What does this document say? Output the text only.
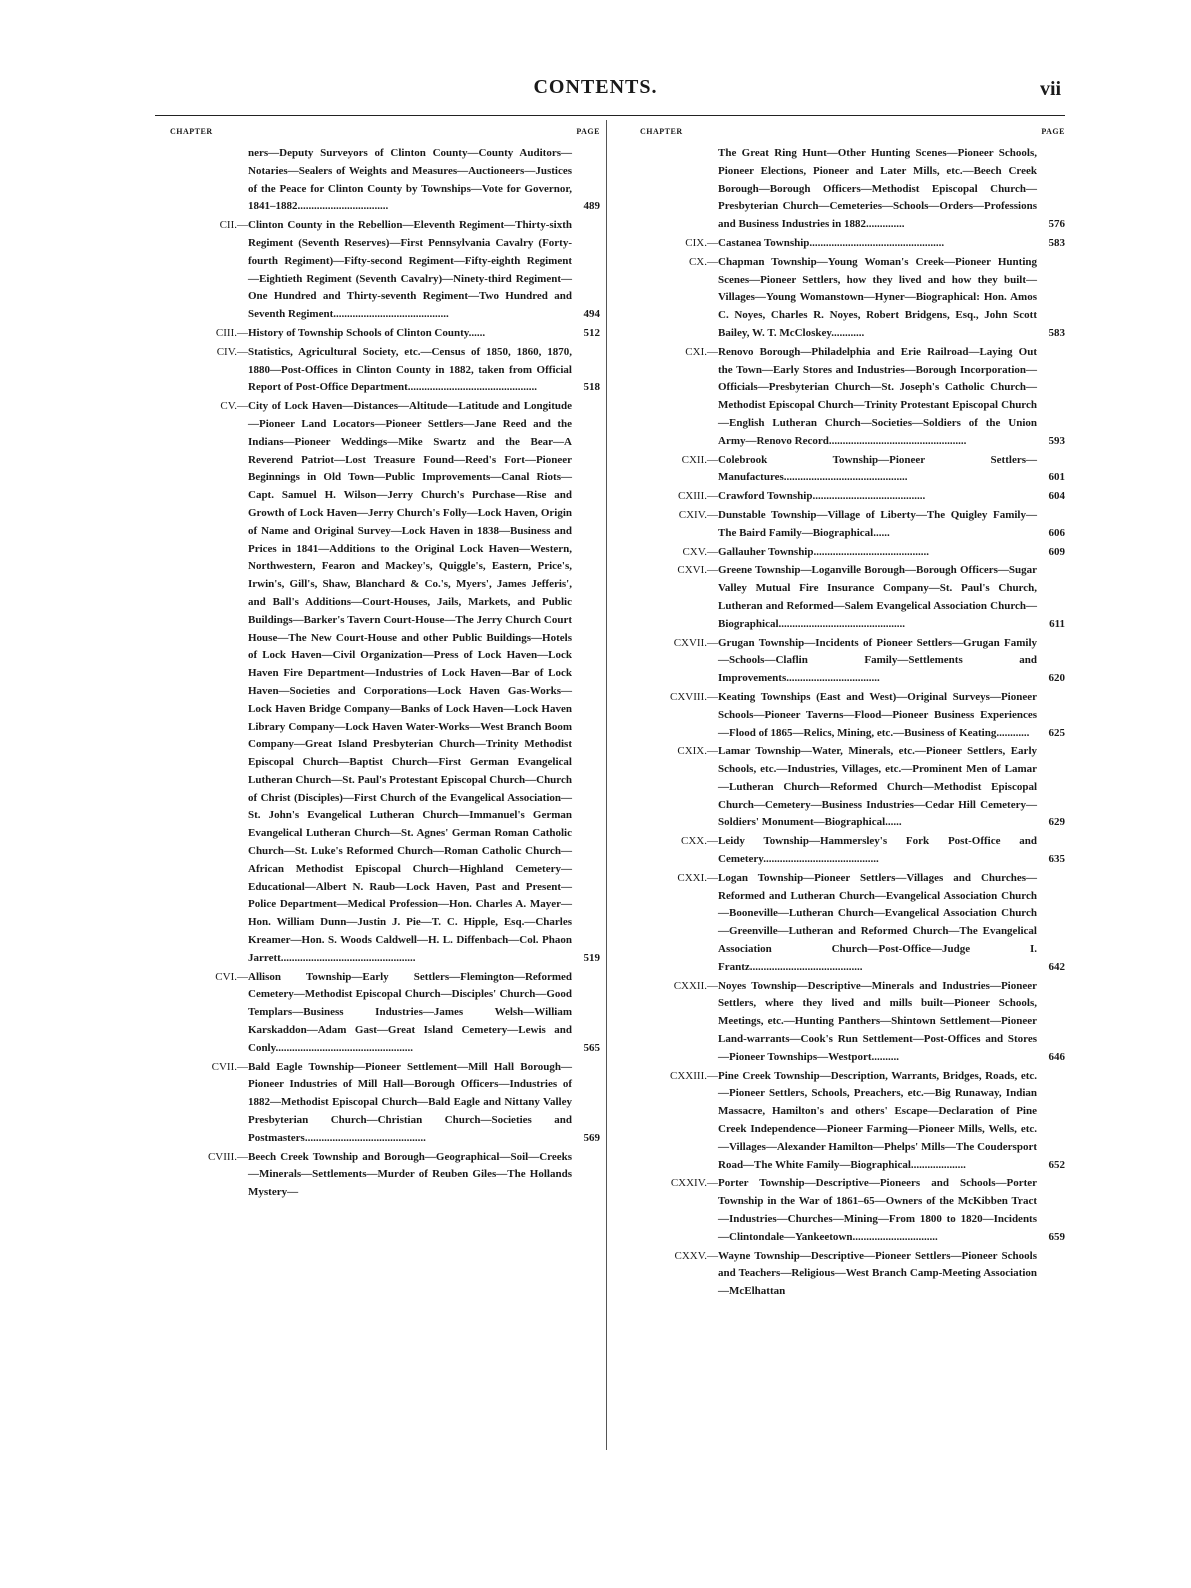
CONTENTS.	vii
CHAPTER	PAGE
ners—Deputy Surveyors of Clinton County—County Auditors—Notaries—Sealers of Weights and Measures—Auctioneers—Justices of the Peace for Clinton County by Townships—Vote for Governor, 1841–1882.................................	489
CII.— Clinton County in the Rebellion—Eleventh Regiment—Thirty-sixth Regiment (Seventh Reserves)—First Pennsylvania Cavalry (Forty-fourth Regiment)—Fifty-second Regiment—Fifty-eighth Regiment—Eightieth Regiment (Seventh Cavalry)—Ninety-third Regiment—One Hundred and Thirty-seventh Regiment—Two Hundred and Seventh Regiment..........................................	494
CIII.— History of Township Schools of Clinton County......	512
CIV.— Statistics, Agricultural Society, etc.—Census of 1850, 1860, 1870, 1880—Post-Offices in Clinton County in 1882, taken from Official Report of Post-Office Department...............................................	518
CV.— City of Lock Haven—Distances—Altitude—Latitude and Longitude—Pioneer Land Locators—Pioneer Settlers—Jane Reed and the Indians—Pioneer Weddings—Mike Swartz and the Bear—A Reverend Patriot—Lost Treasure Found—Reed's Fort—Pioneer Beginnings in Old Town—Public Improvements—Canal Riots—Capt. Samuel H. Wilson—Jerry Church's Purchase—Rise and Growth of Lock Haven—Jerry Church's Folly—Lock Haven, Origin of Name and Original Survey—Lock Haven in 1838—Business and Prices in 1841—Additions to the Original Lock Haven—Western, Northwestern, Fearon and Mackey's, Quiggle's, Eastern, Price's, Irwin's, Gill's, Shaw, Blanchard & Co.'s, Myers', James Jefferis', and Ball's Additions—Court-Houses, Jails, Markets, and Public Buildings—Barker's Tavern Court-House—The Jerry Church Court House—The New Court-House and other Public Buildings—Hotels of Lock Haven—Civil Organization—Press of Lock Haven—Lock Haven Fire Department—Industries of Lock Haven—Bar of Lock Haven—Societies and Corporations—Lock Haven Gas-Works—Lock Haven Bridge Company—Banks of Lock Haven—Lock Haven Library Company—Lock Haven Water-Works—West Branch Boom Company—Great Island Presbyterian Church—Trinity Methodist Episcopal Church—Baptist Church—First German Evangelical Lutheran Church—St. Paul's Protestant Episcopal Church—Church of Christ (Disciples)—First Church of the Evangelical Association—St. John's Evangelical Lutheran Church—Immanuel's German Evangelical Lutheran Church—St. Agnes' German Roman Catholic Church—St. Luke's Reformed Church—Roman Catholic Church—African Methodist Episcopal Church—Highland Cemetery—Educational—Albert N. Raub—Lock Haven, Past and Present—Police Department—Medical Profession—Hon. Charles A. Mayer—Hon. William Dunn—Justin J. Pie—T. C. Hipple, Esq.—Charles Kreamer—Hon. S. Woods Caldwell—H. L. Diffenbach—Col. Phaon Jarrett.................................................	519
CVI.— Allison Township—Early Settlers—Flemington—Reformed Cemetery—Methodist Episcopal Church—Disciples' Church—Good Templars—Business Industries—James Welsh—William Karskaddon—Adam Gast—Great Island Cemetery—Lewis and Conly..................................................	565
CVII.— Bald Eagle Township—Pioneer Settlement—Mill Hall Borough—Pioneer Industries of Mill Hall—Borough Officers—Industries of 1882—Methodist Episcopal Church—Bald Eagle and Nittany Valley Presbyterian Church—Christian Church—Societies and Postmasters............................................	569
CVIII.— Beech Creek Township and Borough—Geographical—Soil—Creeks—Minerals—Settlements—Murder of Reuben Giles—The Hollands Mystery—
CHAPTER	PAGE
The Great Ring Hunt—Other Hunting Scenes—Pioneer Schools, Pioneer Elections, Pioneer and Later Mills, etc.—Beech Creek Borough—Borough Officers—Methodist Episcopal Church—Presbyterian Church—Cemeteries—Schools—Orders—Professions and Business Industries in 1882..............	576
CIX.— Castanea Township.................................................	583
CX.— Chapman Township—Young Woman's Creek—Pioneer Hunting Scenes—Pioneer Settlers, how they lived and how they built—Villages—Young Womanstown—Hyner—Biographical: Hon. Amos C. Noyes, Charles R. Noyes, Robert Bridgens, Esq., John Scott Bailey, W. T. McCloskey............	583
CXI.— Renovo Borough—Philadelphia and Erie Railroad—Laying Out the Town—Early Stores and Industries—Borough Incorporation—Officials—Presbyterian Church—St. Joseph's Catholic Church—Methodist Episcopal Church—Trinity Protestant Episcopal Church—English Lutheran Church—Societies—Soldiers of the Union Army—Renovo Record..................................................	593
CXII.— Colebrook Township—Pioneer Settlers—Manufactures.............................................	601
CXIII.— Crawford Township.........................................	604
CXIV.— Dunstable Township—Village of Liberty—The Quigley Family—The Baird Family—Biographical......	606
CXV.— Gallauher Township..........................................	609
CXVI.— Greene Township—Loganville Borough—Borough Officers—Sugar Valley Mutual Fire Insurance Company—St. Paul's Church, Lutheran and Reformed—Salem Evangelical Association Church—Biographical..............................................	611
CXVII.— Grugan Township—Incidents of Pioneer Settlers—Grugan Family—Schools—Claflin Family—Settlements and Improvements..................................	620
CXVIII.— Keating Townships (East and West)—Original Surveys—Pioneer Schools—Pioneer Taverns—Flood—Pioneer Business Experiences—Flood of 1865—Relics, Mining, etc.—Business of Keating............	625
CXIX.— Lamar Township—Water, Minerals, etc.—Pioneer Settlers, Early Schools, etc.—Industries, Villages, etc.—Prominent Men of Lamar—Lutheran Church—Reformed Church—Methodist Episcopal Church—Cemetery—Business Industries—Cedar Hill Cemetery—Soldiers' Monument—Biographical......	629
CXX.— Leidy Township—Hammersley's Fork Post-Office and Cemetery..........................................	635
CXXI.— Logan Township—Pioneer Settlers—Villages and Churches—Reformed and Lutheran Church—Evangelical Association Church—Booneville—Lutheran Church—Evangelical Association Church—Greenville—Lutheran and Reformed Church—The Evangelical Association Church—Post-Office—Judge I. Frantz.........................................	642
CXXII.— Noyes Township—Descriptive—Minerals and Industries—Pioneer Settlers, where they lived and mills built—Pioneer Schools, Meetings, etc.—Hunting Panthers—Shintown Settlement—Pioneer Land-warrants—Cook's Run Settlement—Post-Offices and Stores—Pioneer Townships—Westport..........	646
CXXIII.— Pine Creek Township—Description, Warrants, Bridges, Roads, etc.—Pioneer Settlers, Schools, Preachers, etc.—Big Runaway, Indian Massacre, Hamilton's and others' Escape—Declaration of Pine Creek Independence—Pioneer Farming—Pioneer Mills, Wells, etc.—Villages—Alexander Hamilton—Phelps' Mills—The Coudersport Road—The White Family—Biographical....................	652
CXXIV.— Porter Township—Descriptive—Pioneers and Schools—Porter Township in the War of 1861–65—Owners of the McKibben Tract—Industries—Churches—Mining—From 1800 to 1820—Incidents—Clintondale—Yankeetown...............................	659
CXXV.— Wayne Township—Descriptive—Pioneer Settlers—Pioneer Schools and Teachers—Religious—West Branch Camp-Meeting Association—McElhattan
